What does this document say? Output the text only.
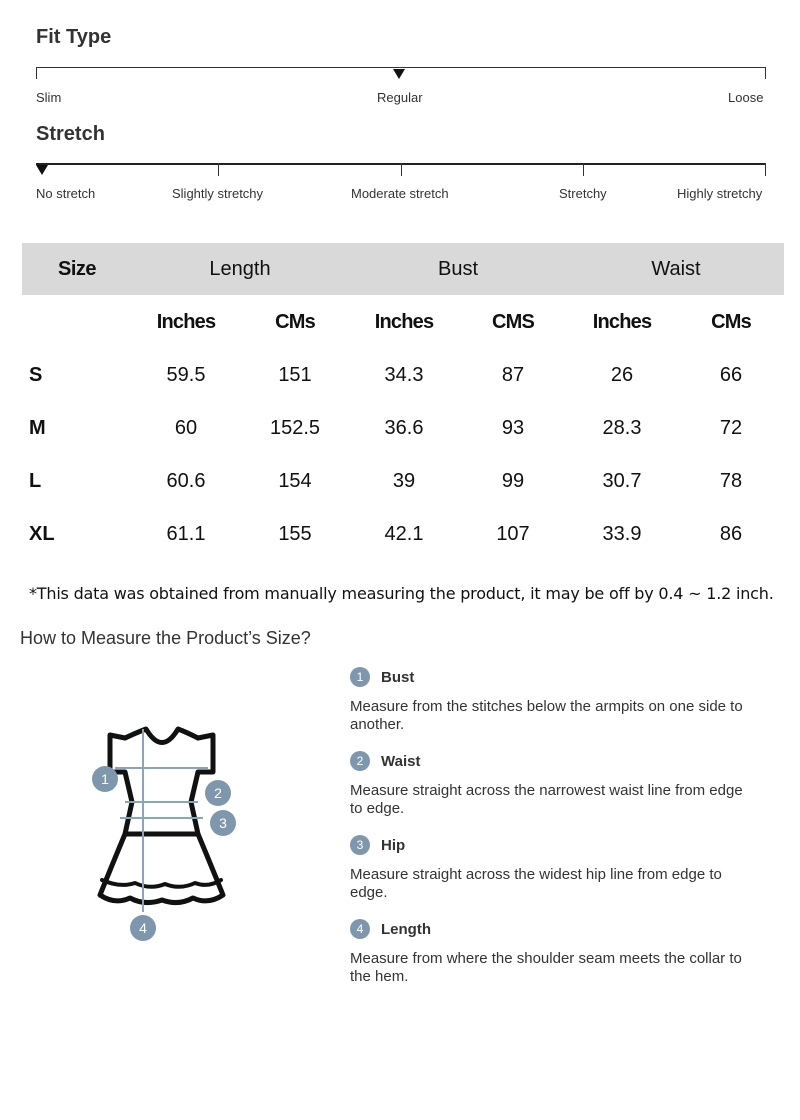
Fit Type
Slim	Regular	Loose
Stretch
No stretch	Slightly stretchy	Moderate stretch	Stretchy	Highly stretchy
Size	Length	Bust	Waist
Inches	CMs	Inches	CMS	Inches	CMs
S	59.5	151	34.3	87	26	66
M	60	152.5	36.6	93	28.3	72
L	60.6	154	39	99	30.7	78
XL	61.1	155	42.1	107	33.9	86
*This data was obtained from manually measuring the product, it may be off by 0.4 ~ 1.2 inch.
How to Measure the Product’s Size?
1
2
3
4
1	Bust
Measure from the stitches below the armpits on one side to another.
2	Waist
Measure straight across the narrowest waist line from edge to edge.
3	Hip
Measure straight across the widest hip line from edge to edge.
4	Length
Measure from where the shoulder seam meets the collar to the hem.
